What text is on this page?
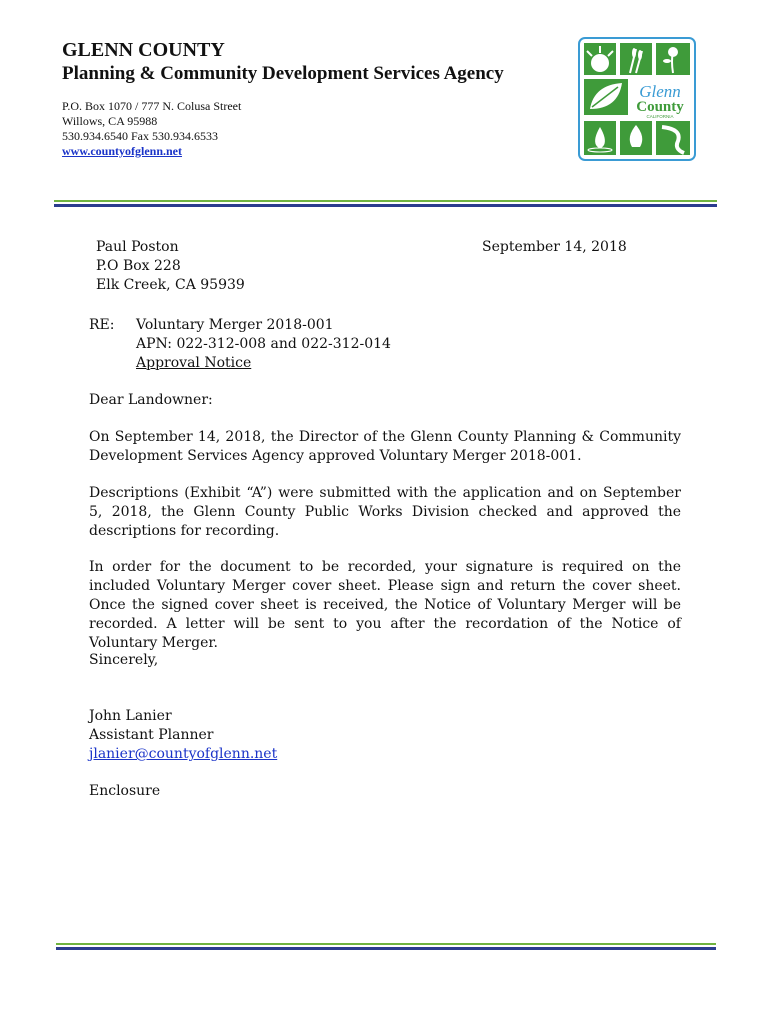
GLENN COUNTY
Planning & Community Development Services Agency
P.O. Box 1070 / 777 N. Colusa Street
Willows, CA 95988
530.934.6540 Fax 530.934.6533
www.countyofglenn.net
Glenn
County
CALIFORNIA
Paul Poston
P.O Box 228
Elk Creek, CA 95939
September 14, 2018
RE: Voluntary Merger 2018-001
APN: 022-312-008 and 022-312-014
Approval Notice
Dear Landowner:
On September 14, 2018, the Director of the Glenn County Planning & Community Development Services Agency approved Voluntary Merger 2018-001.
Descriptions (Exhibit “A”) were submitted with the application and on September 5, 2018, the Glenn County Public Works Division checked and approved the descriptions for recording.
In order for the document to be recorded, your signature is required on the included Voluntary Merger cover sheet. Please sign and return the cover sheet. Once the signed cover sheet is received, the Notice of Voluntary Merger will be recorded. A letter will be sent to you after the recordation of the Notice of Voluntary Merger.
Sincerely,
John Lanier
Assistant Planner
jlanier@countyofglenn.net
Enclosure
